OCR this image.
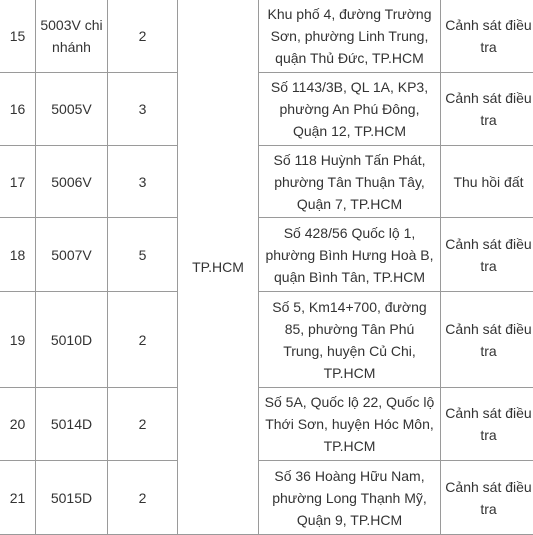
15	5003V chi nhánh	2	TP.HCM		Khu phố 4, đường Trường Sơn, phường Linh Trung, quận Thủ Đức, TP.HCM	Cảnh sát điều tra
16	5005V	3		Số 1143/3B, QL 1A, KP3, phường An Phú Đông, Quận 12, TP.HCM	Cảnh sát điều tra
17	5006V	3		Số 118 Huỳnh Tấn Phát, phường Tân Thuận Tây, Quận 7, TP.HCM	Thu hồi đất
18	5007V	5		Số 428/56 Quốc lộ 1, phường Bình Hưng Hoà B, quận Bình Tân, TP.HCM	Cảnh sát điều tra
19	5010D	2		Số 5, Km14+700, đường 85, phường Tân Phú Trung, huyện Củ Chi, TP.HCM	Cảnh sát điều tra
20	5014D	2		Số 5A, Quốc lộ 22, Quốc lộ Thới Sơn, huyện Hóc Môn, TP.HCM	Cảnh sát điều tra
21	5015D	2		Số 36 Hoàng Hữu Nam, phường Long Thạnh Mỹ, Quận 9, TP.HCM	Cảnh sát điều tra
